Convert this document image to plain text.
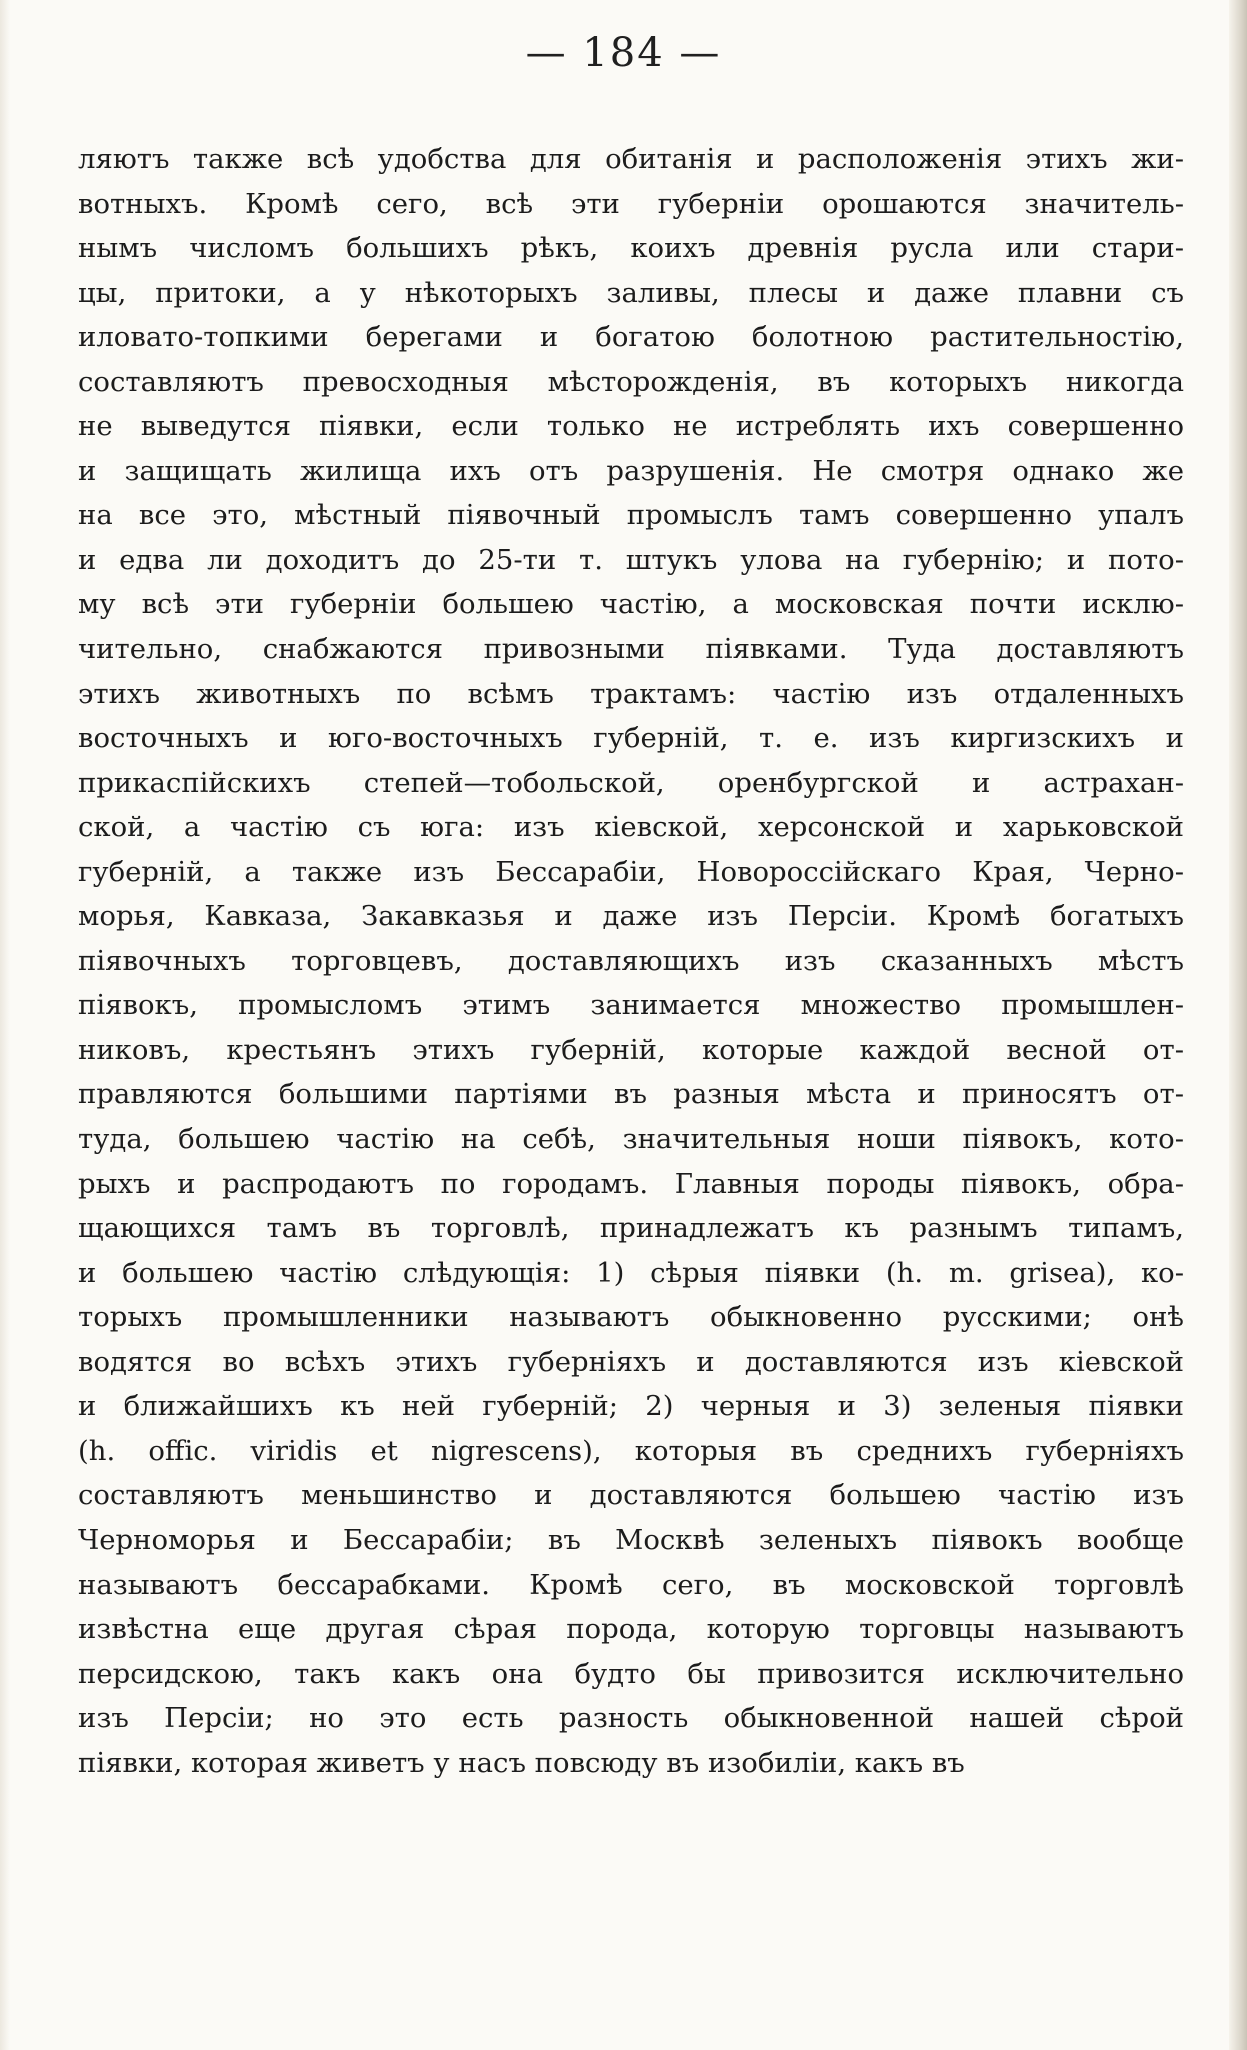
— 184 —
ляютъ также всѣ удобства для обитанія и расположенія этихъ жи-
вотныхъ. Кромѣ сего, всѣ эти губерніи орошаются значитель-
нымъ числомъ большихъ рѣкъ, коихъ древнія русла или стари-
цы, притоки, а у нѣкоторыхъ заливы, плесы и даже плавни съ
иловато-топкими берегами и богатою болотною растительностію,
составляютъ превосходныя мѣсторожденія, въ которыхъ никогда
не выведутся піявки, если только не истреблять ихъ совершенно
и защищать жилища ихъ отъ разрушенія. Не смотря однако же
на все это, мѣстный піявочный промыслъ тамъ совершенно упалъ
и едва ли доходитъ до 25-ти т. штукъ улова на губернію; и пото-
му всѣ эти губерніи большею частію, а московская почти исклю-
чительно, снабжаются привозными піявками. Туда доставляютъ
этихъ животныхъ по всѣмъ трактамъ: частію изъ отдаленныхъ
восточныхъ и юго-восточныхъ губерній, т. е. изъ киргизскихъ и
прикаспійскихъ степей—тобольской, оренбургской и астрахан-
ской, а частію съ юга: изъ кіевской, херсонской и харьковской
губерній, а также изъ Бессарабіи, Новороссійскаго Края, Черно-
морья, Кавказа, Закавказья и даже изъ Персіи. Кромѣ богатыхъ
піявочныхъ торговцевъ, доставляющихъ изъ сказанныхъ мѣстъ
піявокъ, промысломъ этимъ занимается множество промышлен-
никовъ, крестьянъ этихъ губерній, которые каждой весной от-
правляются большими партіями въ разныя мѣста и приносятъ от-
туда, большею частію на себѣ, значительныя ноши піявокъ, кото-
рыхъ и распродаютъ по городамъ. Главныя породы піявокъ, обра-
щающихся тамъ въ торговлѣ, принадлежатъ къ разнымъ типамъ,
и большею частію слѣдующія: 1) сѣрыя піявки (h. m. grisea), ко-
торыхъ промышленники называютъ обыкновенно русскими; онѣ
водятся во всѣхъ этихъ губерніяхъ и доставляются изъ кіевской
и ближайшихъ къ ней губерній; 2) черныя и 3) зеленыя піявки
(h. offic. viridis et nigrescens), которыя въ среднихъ губерніяхъ
составляютъ меньшинство и доставляются большею частію изъ
Черноморья и Бессарабіи; въ Москвѣ зеленыхъ піявокъ вообще
называютъ бессарабками. Кромѣ сего, въ московской торговлѣ
извѣстна еще другая сѣрая порода, которую торговцы называютъ
персидскою, такъ какъ она будто бы привозится исключительно
изъ Персіи; но это есть разность обыкновенной нашей сѣрой
піявки, которая живетъ у насъ повсюду въ изобиліи, какъ въ
